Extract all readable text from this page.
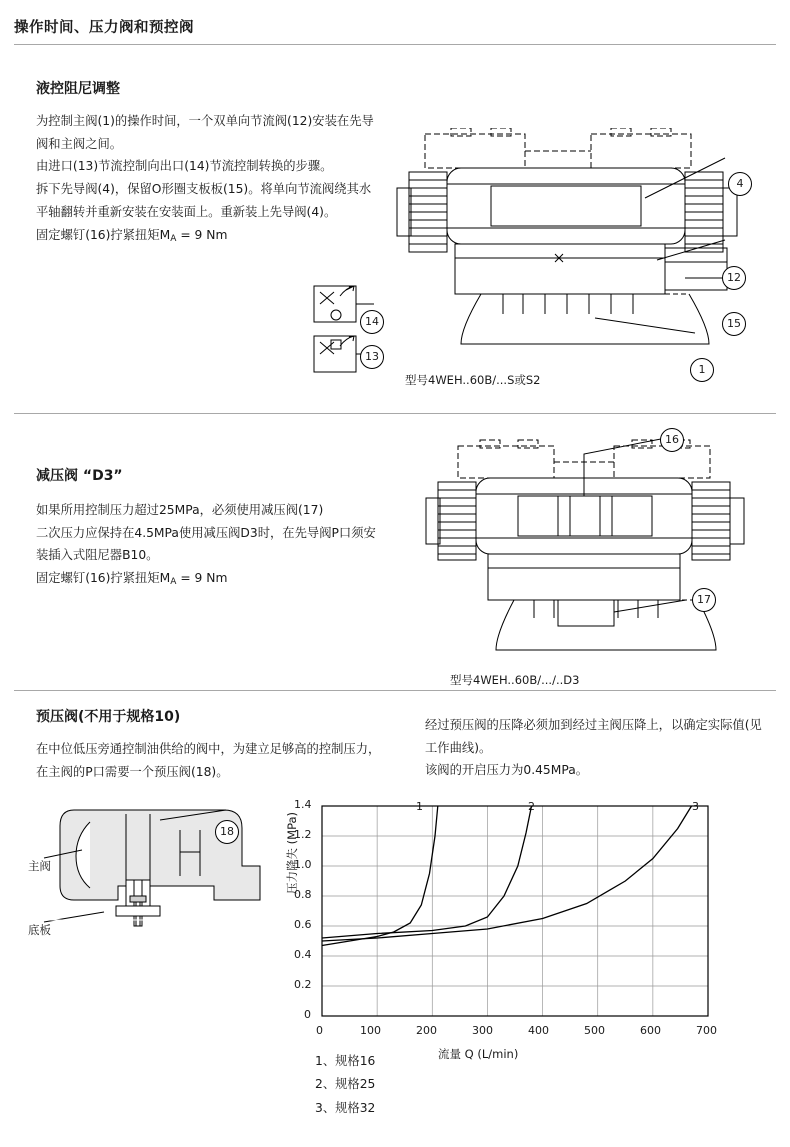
操作时间、压力阀和预控阀
液控阻尼调整

为控制主阀(1)的操作时间，一个双单向节流阀(12)安装在先导阀和主阀之间。

由进口(13)节流控制向出口(14)节流控制转换的步骤。

拆下先导阀(4)，保留O形圈支板板(15)。将单向节流阀绕其水平轴翻转并重新安装在安装面上。重新装上先导阀(4)。

固定螺钉(16)拧紧扭矩$M_A = 9$ Nm

14
13
4
12
15
1
型号4WEH..60B/...S或S2
减压阀 “D3”

如果所用控制压力超过25MPa，必须使用减压阀(17)

二次压力应保持在4.5MPa使用减压阀D3时，在先导阀P口须安装插入式阻尼器B10。

固定螺钉(16)拧紧扭矩$M_A = 9$ Nm

16
17
型号4WEH..60B/.../..D3
预压阀(不用于规格10)

在中位低压旁通控制油供给的阀中，为建立足够高的控制压力，在主阀的P口需要一个预压阀(18)。

经过预压阀的压降必须加到经过主阀压降上，以确定实际值(见工作曲线)。

该阀的开启压力为0.45MPa。

18
主阀
底板
压力降失 (MPa)
流量 Q (L/min)
1.4
1.2
1.0
0.8
0.6
0.4
0.2
0
0	100	200	300	400	500	600	700
1	2	3
1、规格16
2、规格25
3、规格32
